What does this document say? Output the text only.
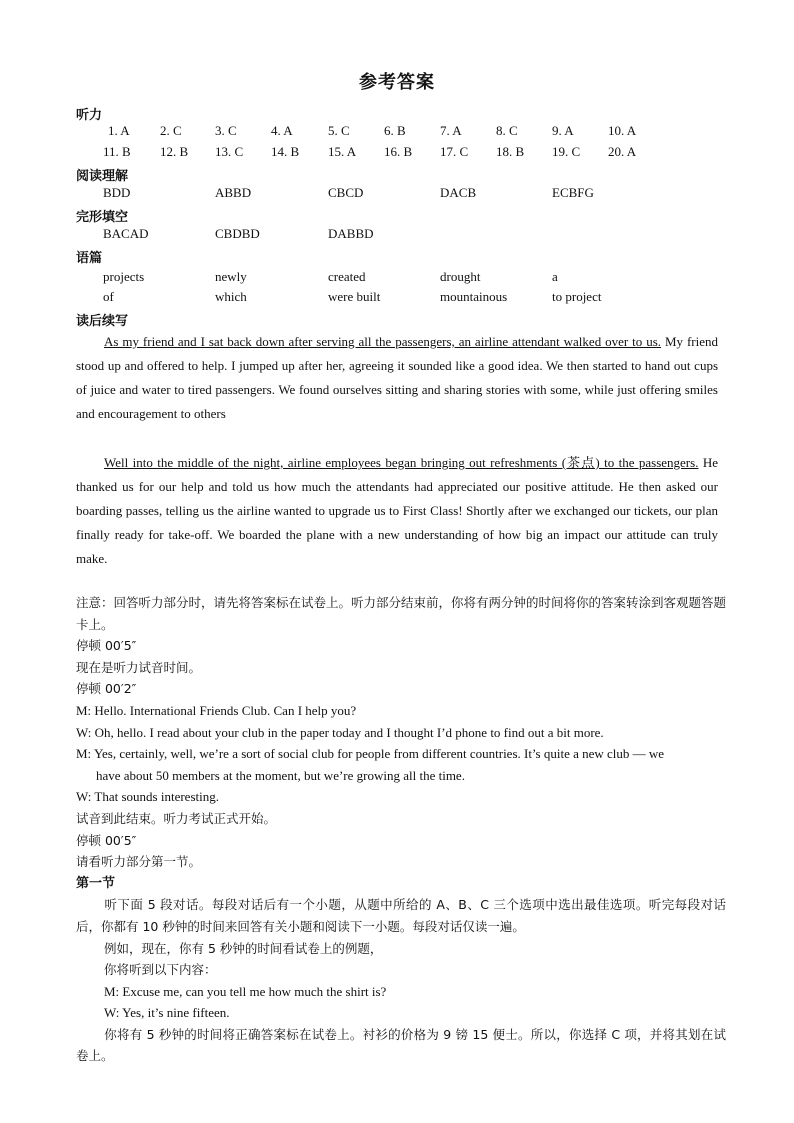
参考答案
听力
1. A 2. C	3. C	4. A	5. C	6. B	7. A	8. C	9. A	10. A
11. B 12. B 13. C 14. B 15. A 16. B 17. C 18. B 19. C 20. A
阅读理解
BDD	ABBD	CBCD	DACB	ECBFG
完形填空
BACAD	CBDBD	DABBD
语篇
projects	newly	created	drought	a
of	which	were built	mountainous	to project
读后续写
As my friend and I sat back down after serving all the passengers, an airline attendant walked over to us. My friend stood up and offered to help. I jumped up after her, agreeing it sounded like a good idea. We then started to hand out cups of juice and water to tired passengers. We found ourselves sitting and sharing stories with some, while just offering smiles and encouragement to others
Well into the middle of the night, airline employees began bringing out refreshments (茶点) to the passengers. He thanked us for our help and told us how much the attendants had appreciated our positive attitude. He then asked our boarding passes, telling us the airline wanted to upgrade us to First Class! Shortly after we exchanged our tickets, our plan finally ready for take-off. We boarded the plane with a new understanding of how big an impact our attitude can truly make.
注意：回答听力部分时，请先将答案标在试卷上。听力部分结束前，你将有两分钟的时间将你的答案转涂到客观题答题卡上。
停顿 00′5″
现在是听力试音时间。
停顿 00′2″
M: Hello. International Friends Club. Can I help you?
W: Oh, hello. I read about your club in the paper today and I thought I’d phone to find out a bit more.
M: Yes, certainly, well, we’re a sort of social club for people from different countries. It’s quite a new club — we
have about 50 members at the moment, but we’re growing all the time.
W: That sounds interesting.
试音到此结束。听力考试正式开始。
停顿 00′5″
请看听力部分第一节。
第一节
听下面 5 段对话。每段对话后有一个小题，从题中所给的 A、B、C 三个选项中选出最佳选项。听完每段对话后，你都有 10 秒钟的时间来回答有关小题和阅读下一小题。每段对话仅读一遍。
例如，现在，你有 5 秒钟的时间看试卷上的例题，
你将听到以下内容：
M: Excuse me, can you tell me how much the shirt is?
W: Yes, it’s nine fifteen.
你将有 5 秒钟的时间将正确答案标在试卷上。衬衫的价格为 9 镑 15 便士。所以，你选择 C 项，并将其划在试卷上。
